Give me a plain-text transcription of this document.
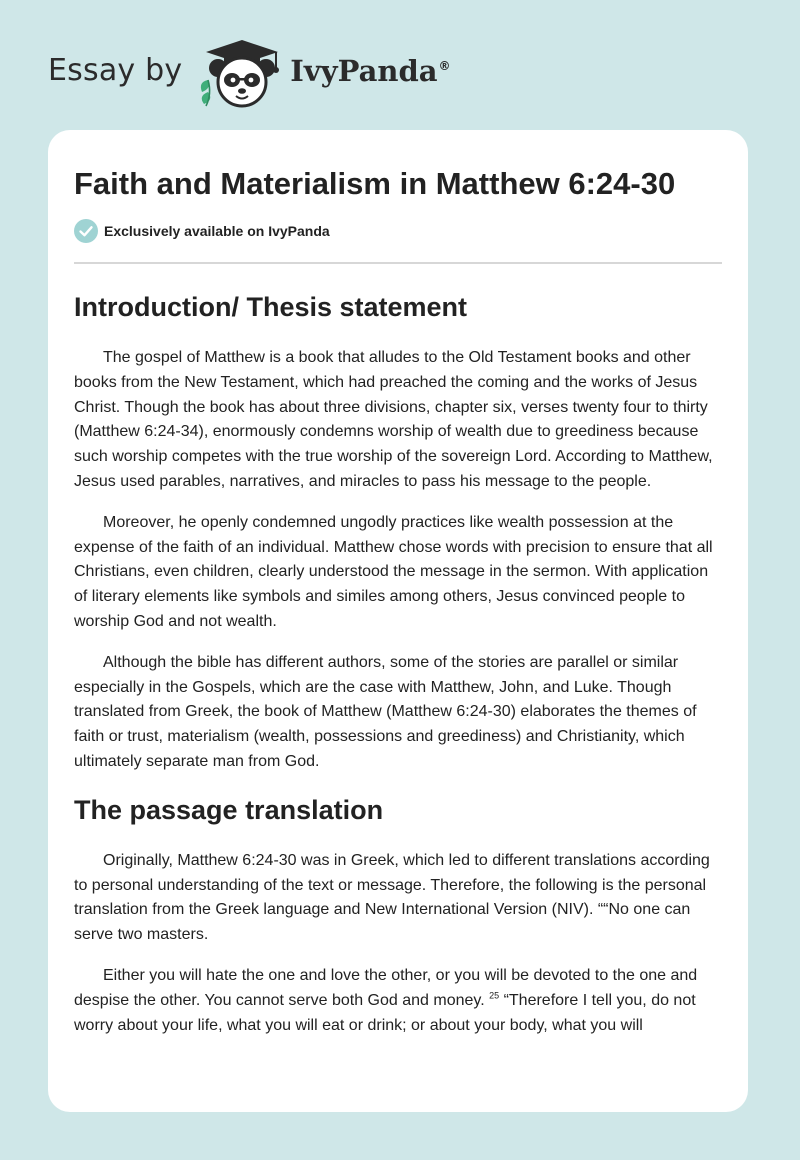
Essay by	IvyPanda®
Faith and Materialism in Matthew 6:24-30
Exclusively available on IvyPanda
Introduction/ Thesis statement

The gospel of Matthew is a book that alludes to the Old Testament books and other books from the New Testament, which had preached the coming and the works of Jesus Christ. Though the book has about three divisions, chapter six, verses twenty four to thirty (Matthew 6:24-34), enormously condemns worship of wealth due to greediness because such worship competes with the true worship of the sovereign Lord. According to Matthew, Jesus used parables, narratives, and miracles to pass his message to the people.

Moreover, he openly condemned ungodly practices like wealth possession at the expense of the faith of an individual. Matthew chose words with precision to ensure that all Christians, even children, clearly understood the message in the sermon. With application of literary elements like symbols and similes among others, Jesus convinced people to worship God and not wealth.

Although the bible has different authors, some of the stories are parallel or similar especially in the Gospels, which are the case with Matthew, John, and Luke. Though translated from Greek, the book of Matthew (Matthew 6:24-30) elaborates the themes of faith or trust, materialism (wealth, possessions and greediness) and Christianity, which ultimately separate man from God.

The passage translation

Originally, Matthew 6:24-30 was in Greek, which led to different translations according to personal understanding of the text or message. Therefore, the following is the personal translation from the Greek language and New International Version (NIV). ““No one can serve two masters.

Either you will hate the one and love the other, or you will be devoted to the one and despise the other. You cannot serve both God and money. $^{25}$ “Therefore I tell you, do not worry about your life, what you will eat or drink; or about your body, what you will
